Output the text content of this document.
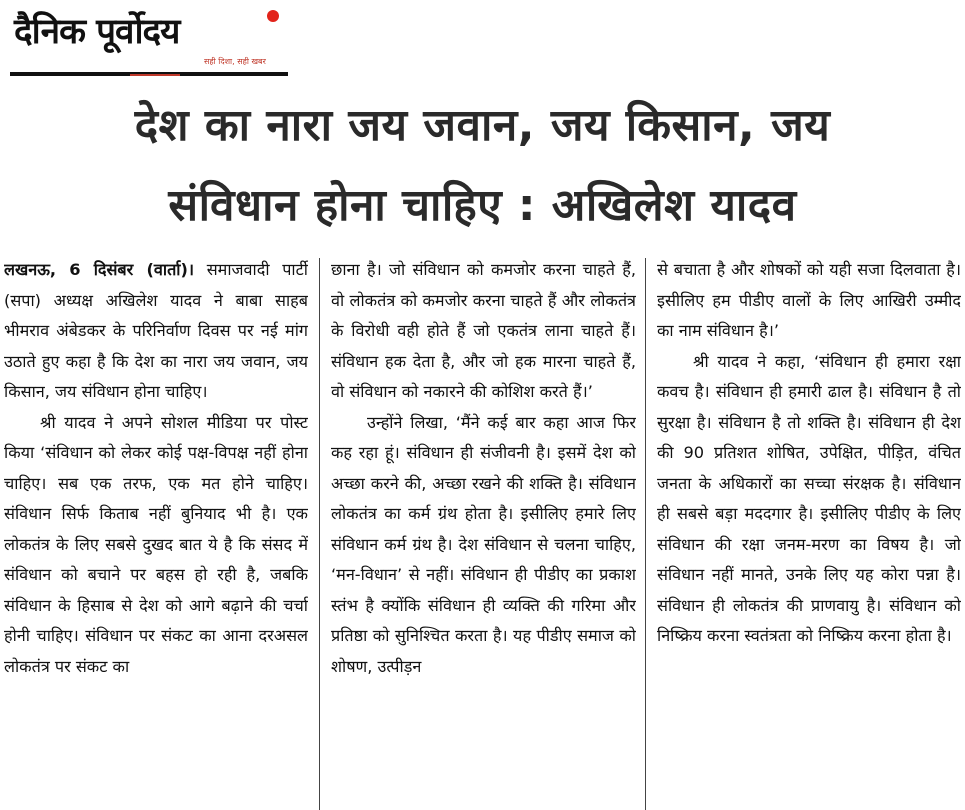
दैनिक पूर्वोदय
सही दिशा, सही खबर
देश का नारा जय जवान, जय किसान, जय
संविधान होना चाहिए : अखिलेश यादव

लखनऊ, 6 दिसंबर (वार्ता)। समाजवादी पार्टी (सपा) अध्यक्ष अखिलेश यादव ने बाबा साहब भीमराव अंबेडकर के परिनिर्वाण दिवस पर नई मांग उठाते हुए कहा है कि देश का नारा जय जवान, जय किसान, जय संविधान होना चाहिए।

श्री यादव ने अपने सोशल मीडिया पर पोस्ट किया ‘संविधान को लेकर कोई पक्ष-विपक्ष नहीं होना चाहिए। सब एक तरफ, एक मत होने चाहिए। संविधान सिर्फ किताब नहीं बुनियाद भी है। एक लोकतंत्र के लिए सबसे दुखद बात ये है कि संसद में संविधान को बचाने पर बहस हो रही है, जबकि संविधान के हिसाब से देश को आगे बढ़ाने की चर्चा होनी चाहिए। संविधान पर संकट का आना दरअसल लोकतंत्र पर संकट का

छाना है। जो संविधान को कमजोर करना चाहते हैं, वो लोकतंत्र को कमजोर करना चाहते हैं और लोकतंत्र के विरोधी वही होते हैं जो एकतंत्र लाना चाहते हैं। संविधान हक देता है, और जो हक मारना चाहते हैं, वो संविधान को नकारने की कोशिश करते हैं।’

उन्होंने लिखा, ‘मैंने कई बार कहा आज फिर कह रहा हूं। संविधान ही संजीवनी है। इसमें देश को अच्छा करने की, अच्छा रखने की शक्ति है। संविधान लोकतंत्र का कर्म ग्रंथ होता है। इसीलिए हमारे लिए संविधान कर्म ग्रंथ है। देश संविधान से चलना चाहिए, ‘मन-विधान’ से नहीं। संविधान ही पीडीए का प्रकाश स्तंभ है क्योंकि संविधान ही व्यक्ति की गरिमा और प्रतिष्ठा को सुनिश्चित करता है। यह पीडीए समाज को शोषण, उत्पीड़न

से बचाता है और शोषकों को यही सजा दिलवाता है। इसीलिए हम पीडीए वालों के लिए आखिरी उम्मीद का नाम संविधान है।’

श्री यादव ने कहा, ‘संविधान ही हमारा रक्षा कवच है। संविधान ही हमारी ढाल है। संविधान है तो सुरक्षा है। संविधान है तो शक्ति है। संविधान ही देश की 90 प्रतिशत शोषित, उपेक्षित, पीड़ित, वंचित जनता के अधिकारों का सच्चा संरक्षक है। संविधान ही सबसे बड़ा मददगार है। इसीलिए पीडीए के लिए संविधान की रक्षा जनम-मरण का विषय है। जो संविधान नहीं मानते, उनके लिए यह कोरा पन्ना है। संविधान ही लोकतंत्र की प्राणवायु है। संविधान को निष्क्रिय करना स्वतंत्रता को निष्क्रिय करना होता है।
